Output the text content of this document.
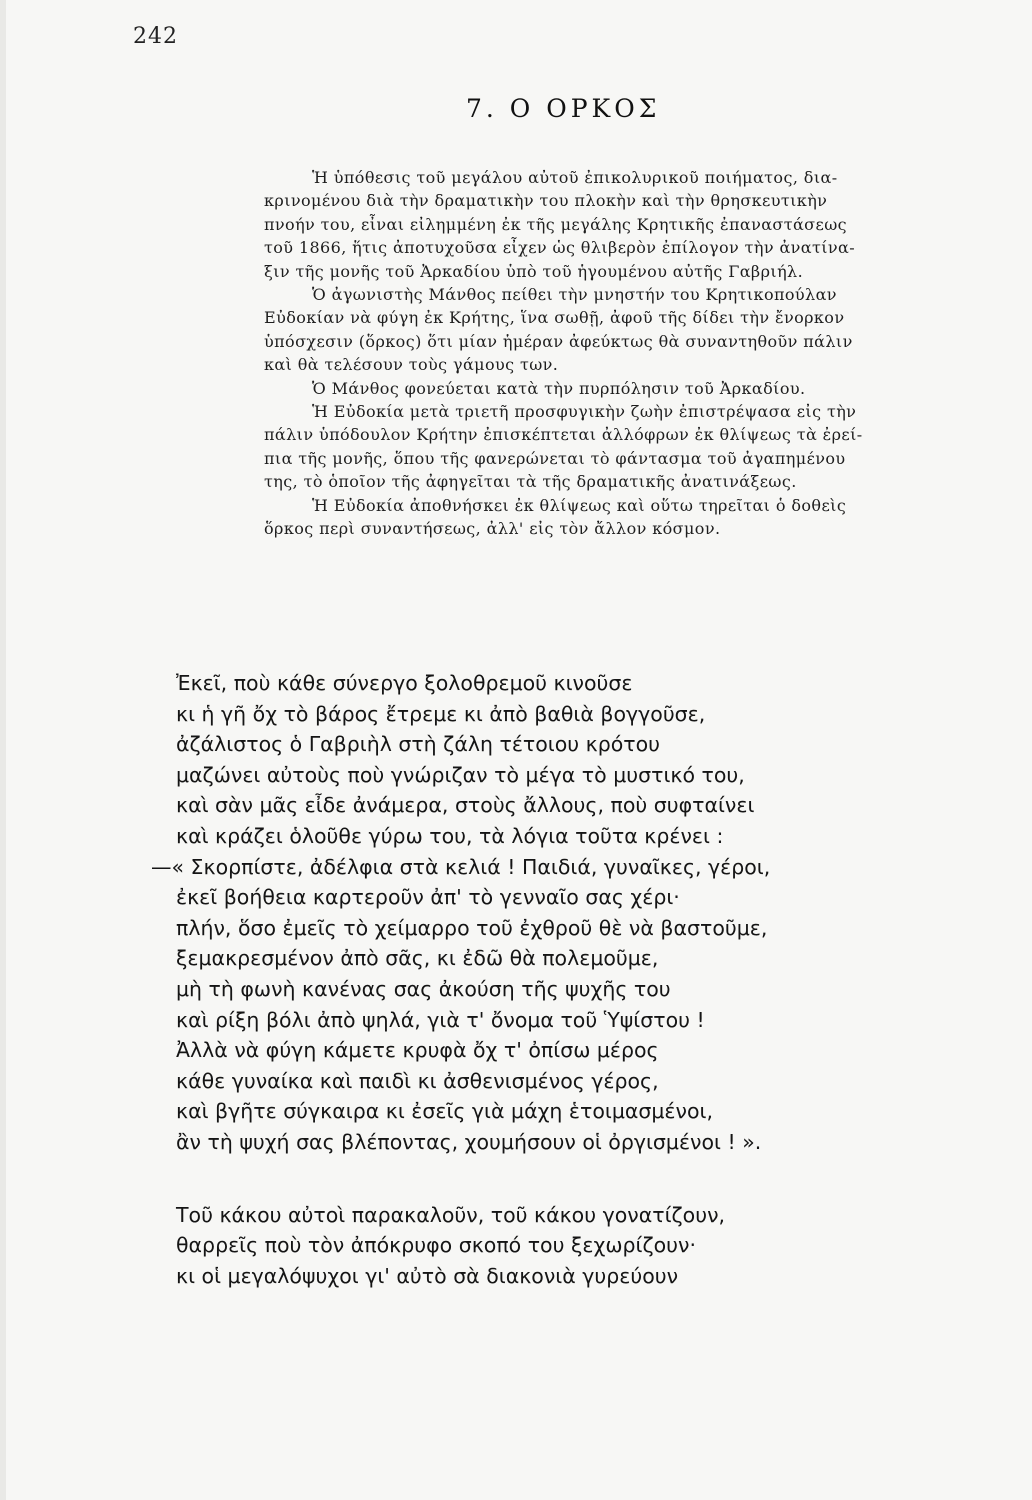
242
7. Ο ΟΡΚΟΣ

Ἡ ὑπόθεσις τοῦ μεγάλου αὐτοῦ ἐπικολυρικοῦ ποιήματος, δια-

κρινομένου διὰ τὴν δραματικὴν του πλοκὴν καὶ τὴν θρησκευτικὴν

πνοήν του, εἶναι εἰλημμένη ἐκ τῆς μεγάλης Κρητικῆς ἐπαναστάσεως

τοῦ 1866, ἥτις ἀποτυχοῦσα εἶχεν ὡς θλιβερὸν ἐπίλογον τὴν ἀνατίνα-

ξιν τῆς μονῆς τοῦ Ἀρκαδίου ὑπὸ τοῦ ἡγουμένου αὐτῆς Γαβριήλ.

Ὁ ἀγωνιστὴς Μάνθος πείθει τὴν μνηστήν του Κρητικοπούλαν

Εὐδοκίαν νὰ φύγη ἐκ Κρήτης, ἵνα σωθῇ, ἀφοῦ τῆς δίδει τὴν ἔνορκον

ὑπόσχεσιν (ὅρκος) ὅτι μίαν ἡμέραν ἀφεύκτως θὰ συναντηθοῦν πάλιν

καὶ θὰ τελέσουν τοὺς γάμους των.

Ὁ Μάνθος φονεύεται κατὰ τὴν πυρπόλησιν τοῦ Ἀρκαδίου.

Ἡ Εὐδοκία μετὰ τριετῆ προσφυγικὴν ζωὴν ἐπιστρέψασα εἰς τὴν

πάλιν ὑπόδουλον Κρήτην ἐπισκέπτεται ἀλλόφρων ἐκ θλίψεως τὰ ἐρεί-

πια τῆς μονῆς, ὅπου τῆς φανερώνεται τὸ φάντασμα τοῦ ἀγαπημένου

της, τὸ ὁποῖον τῆς ἀφηγεῖται τὰ τῆς δραματικῆς ἀνατινάξεως.

Ἡ Εὐδοκία ἀποθνήσκει ἐκ θλίψεως καὶ οὕτω τηρεῖται ὁ δοθεὶς

ὅρκος περὶ συναντήσεως, ἀλλ' εἰς τὸν ἄλλον κόσμον.

Ἐκεῖ, ποὺ κάθε σύνεργο ξολοθρεμοῦ κινοῦσε

κι ἡ γῆ ὄχ τὸ βάρος ἔτρεμε κι ἀπὸ βαθιὰ βογγοῦσε,

ἀζάλιστος ὁ Γαβριὴλ στὴ ζάλη τέτοιου κρότου

μαζώνει αὐτοὺς ποὺ γνώριζαν τὸ μέγα τὸ μυστικό του,

καὶ σὰν μᾶς εἶδε ἀνάμερα, στοὺς ἄλλους, ποὺ συφταίνει

καὶ κράζει ὁλοῦθε γύρω του, τὰ λόγια τοῦτα κρένει :

—« Σκορπίστε, ἀδέλφια στὰ κελιά ! Παιδιά, γυναῖκες, γέροι,

ἐκεῖ βοήθεια καρτεροῦν ἀπ' τὸ γενναῖο σας χέρι·

πλήν, ὅσο ἐμεῖς τὸ χείμαρρο τοῦ ἐχθροῦ θὲ νὰ βαστοῦμε,

ξεμακρεσμένον ἀπὸ σᾶς, κι ἐδῶ θὰ πολεμοῦμε,

μὴ τὴ φωνὴ κανένας σας ἀκούση τῆς ψυχῆς του

καὶ ρίξη βόλι ἀπὸ ψηλά, γιὰ τ' ὄνομα τοῦ Ὑψίστου !

Ἀλλὰ νὰ φύγη κάμετε κρυφὰ ὄχ τ' ὀπίσω μέρος

κάθε γυναίκα καὶ παιδὶ κι ἀσθενισμένος γέρος,

καὶ βγῆτε σύγκαιρα κι ἐσεῖς γιὰ μάχη ἑτοιμασμένοι,

ἂν τὴ ψυχή σας βλέποντας, χουμήσουν οἱ ὀργισμένοι ! ».

Τοῦ κάκου αὐτοὶ παρακαλοῦν, τοῦ κάκου γονατίζουν,

θαρρεῖς ποὺ τὸν ἀπόκρυφο σκοπό του ξεχωρίζουν·

κι οἱ μεγαλόψυχοι γι' αὐτὸ σὰ διακονιὰ γυρεύουν
